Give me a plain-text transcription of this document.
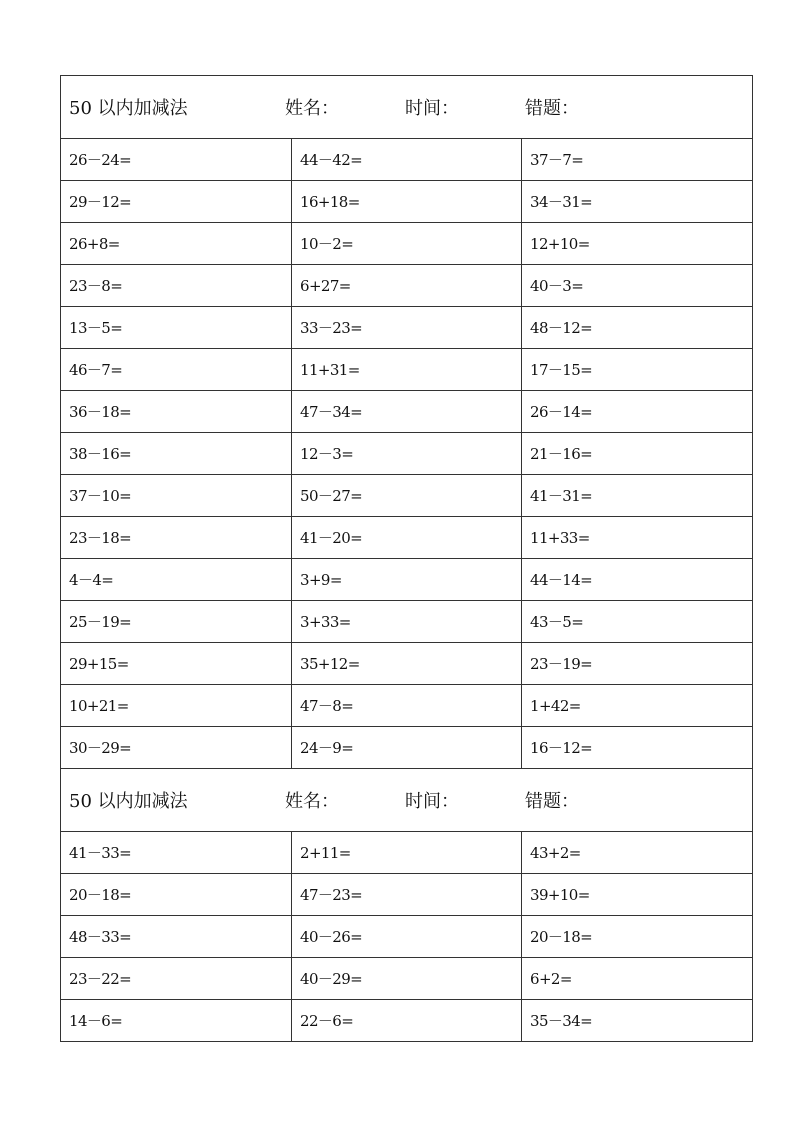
50 以内加减法 姓名： 时间： 错题：		
26－24=	44－42=	37－7=
29－12=	16+18=	34－31=
26+8=	10－2=	12+10=
23－8=	6+27=	40－3=
13－5=	33－23=	48－12=
46－7=	11+31=	17－15=
36－18=	47－34=	26－14=
38－16=	12－3=	21－16=
37－10=	50－27=	41－31=
23－18=	41－20=	11+33=
4－4=	3+9=	44－14=
25－19=	3+33=	43－5=
29+15=	35+12=	23－19=
10+21=	47－8=	1+42=
30－29=	24－9=	16－12=
50 以内加减法 姓名： 时间： 错题：		
41－33=	2+11=	43+2=
20－18=	47－23=	39+10=
48－33=	40－26=	20－18=
23－22=	40－29=	6+2=
14－6=	22－6=	35－34=
